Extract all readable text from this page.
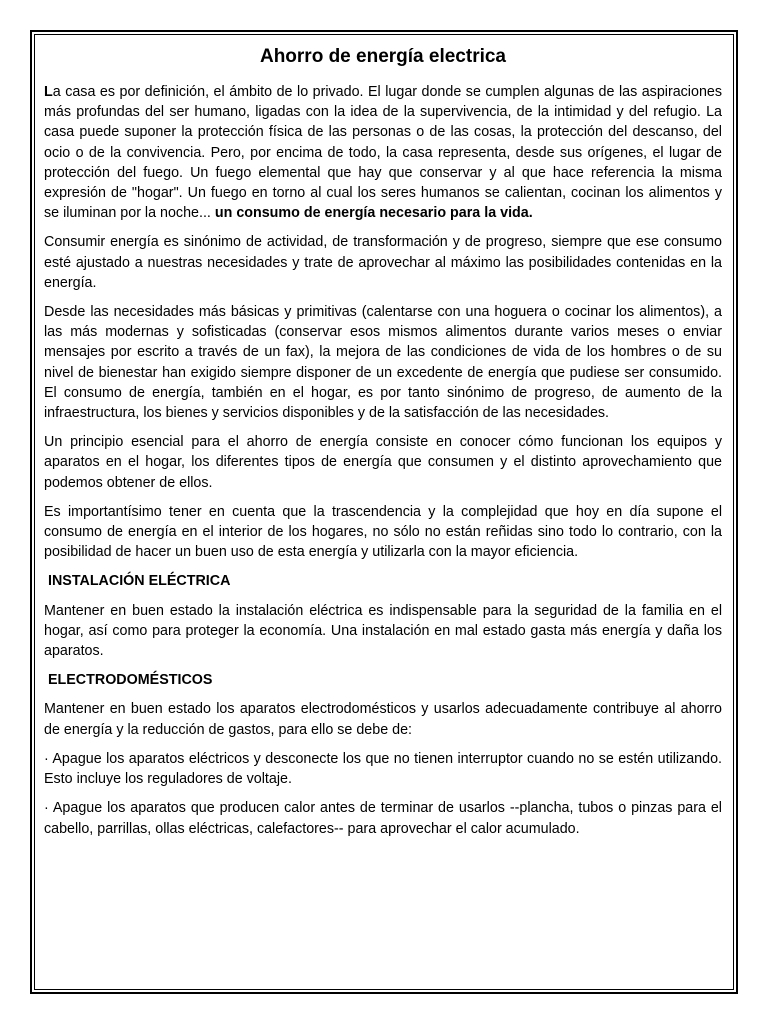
Ahorro de energía electrica

La casa es por definición, el ámbito de lo privado. El lugar donde se cumplen algunas de las aspiraciones más profundas del ser humano, ligadas con la idea de la supervivencia, de la intimidad y del refugio. La casa puede suponer la protección física de las personas o de las cosas, la protección del descanso, del ocio o de la convivencia. Pero, por encima de todo, la casa representa, desde sus orígenes, el lugar de protección del fuego. Un fuego elemental que hay que conservar y al que hace referencia la misma expresión de "hogar". Un fuego en torno al cual los seres humanos se calientan, cocinan los alimentos y se iluminan por la noche... un consumo de energía necesario para la vida.

Consumir energía es sinónimo de actividad, de transformación y de progreso, siempre que ese consumo esté ajustado a nuestras necesidades y trate de aprovechar al máximo las posibilidades contenidas en la energía.

Desde las necesidades más básicas y primitivas (calentarse con una hoguera o cocinar los alimentos), a las más modernas y sofisticadas (conservar esos mismos alimentos durante varios meses o enviar mensajes por escrito a través de un fax), la mejora de las condiciones de vida de los hombres o de su nivel de bienestar han exigido siempre disponer de un excedente de energía que pudiese ser consumido. El consumo de energía, también en el hogar, es por tanto sinónimo de progreso, de aumento de la infraestructura, los bienes y servicios disponibles y de la satisfacción de las necesidades.

Un principio esencial para el ahorro de energía consiste en conocer cómo funcionan los equipos y aparatos en el hogar, los diferentes tipos de energía que consumen y el distinto aprovechamiento que podemos obtener de ellos.

Es importantísimo tener en cuenta que la trascendencia y la complejidad que hoy en día supone el consumo de energía en el interior de los hogares, no sólo no están reñidas sino todo lo contrario, con la posibilidad de hacer un buen uso de esta energía y utilizarla con la mayor eficiencia.

INSTALACIÓN ELÉCTRICA

Mantener en buen estado la instalación eléctrica es indispensable para la seguridad de la familia en el hogar, así como para proteger la economía. Una instalación en mal estado gasta más energía y daña los aparatos.

ELECTRODOMÉSTICOS

Mantener en buen estado los aparatos electrodomésticos y usarlos adecuadamente contribuye al ahorro de energía y la reducción de gastos, para ello se debe de:

· Apague los aparatos eléctricos y desconecte los que no tienen interruptor cuando no se estén utilizando. Esto incluye los reguladores de voltaje.

· Apague los aparatos que producen calor antes de terminar de usarlos --plancha, tubos o pinzas para el cabello, parrillas, ollas eléctricas, calefactores-- para aprovechar el calor acumulado.
